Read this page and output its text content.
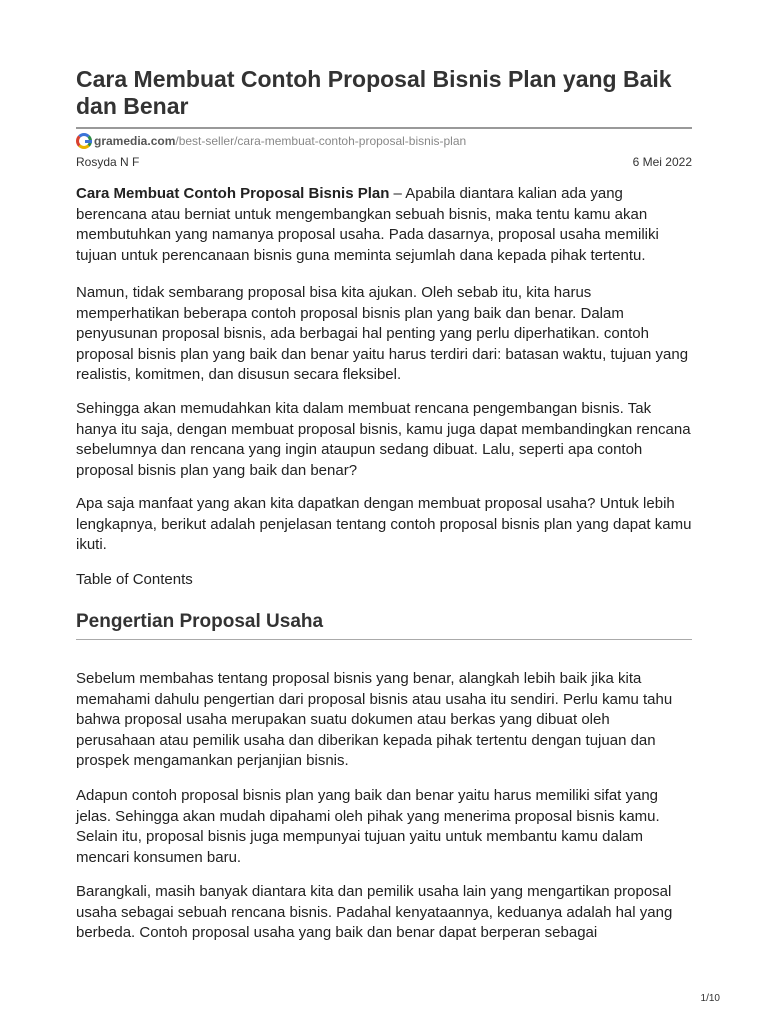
Cara Membuat Contoh Proposal Bisnis Plan yang Baik dan Benar
gramedia.com /best-seller/cara-membuat-contoh-proposal-bisnis-plan
Rosyda N F	6 Mei 2022

Cara Membuat Contoh Proposal Bisnis Plan – Apabila diantara kalian ada yang berencana atau berniat untuk mengembangkan sebuah bisnis, maka tentu kamu akan membutuhkan yang namanya proposal usaha. Pada dasarnya, proposal usaha memiliki tujuan untuk perencanaan bisnis guna meminta sejumlah dana kepada pihak tertentu.

Namun, tidak sembarang proposal bisa kita ajukan. Oleh sebab itu, kita harus memperhatikan beberapa contoh proposal bisnis plan yang baik dan benar. Dalam penyusunan proposal bisnis, ada berbagai hal penting yang perlu diperhatikan. contoh proposal bisnis plan yang baik dan benar yaitu harus terdiri dari: batasan waktu, tujuan yang realistis, komitmen, dan disusun secara fleksibel.

Sehingga akan memudahkan kita dalam membuat rencana pengembangan bisnis. Tak hanya itu saja, dengan membuat proposal bisnis, kamu juga dapat membandingkan rencana sebelumnya dan rencana yang ingin ataupun sedang dibuat. Lalu, seperti apa contoh proposal bisnis plan yang baik dan benar?

Apa saja manfaat yang akan kita dapatkan dengan membuat proposal usaha? Untuk lebih lengkapnya, berikut adalah penjelasan tentang contoh proposal bisnis plan yang dapat kamu ikuti.

Table of Contents
Pengertian Proposal Usaha

Sebelum membahas tentang proposal bisnis yang benar, alangkah lebih baik jika kita memahami dahulu pengertian dari proposal bisnis atau usaha itu sendiri. Perlu kamu tahu bahwa proposal usaha merupakan suatu dokumen atau berkas yang dibuat oleh perusahaan atau pemilik usaha dan diberikan kepada pihak tertentu dengan tujuan dan prospek mengamankan perjanjian bisnis.

Adapun contoh proposal bisnis plan yang baik dan benar yaitu harus memiliki sifat yang jelas. Sehingga akan mudah dipahami oleh pihak yang menerima proposal bisnis kamu. Selain itu, proposal bisnis juga mempunyai tujuan yaitu untuk membantu kamu dalam mencari konsumen baru.

Barangkali, masih banyak diantara kita dan pemilik usaha lain yang mengartikan proposal usaha sebagai sebuah rencana bisnis. Padahal kenyataannya, keduanya adalah hal yang berbeda. Contoh proposal usaha yang baik dan benar dapat berperan sebagai

1/10
